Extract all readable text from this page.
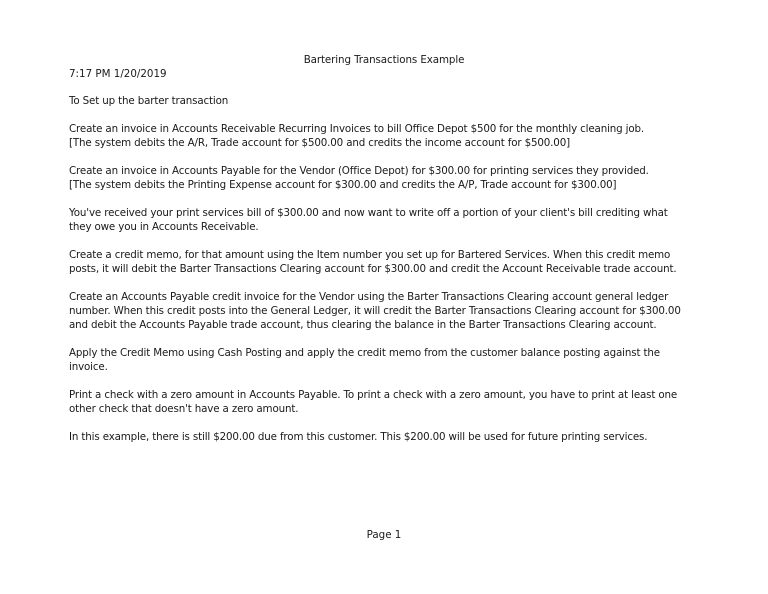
Bartering Transactions Example
7:17 PM 1/20/2019

To Set up the barter transaction

Create an invoice in Accounts Receivable Recurring Invoices to bill Office Depot $500 for the monthly cleaning job.
[The system debits the A/R, Trade account for $500.00 and credits the income account for $500.00]

Create an invoice in Accounts Payable for the Vendor (Office Depot) for $300.00 for printing services they provided.
[The system debits the Printing Expense account for $300.00 and credits the A/P, Trade account for $300.00]

You've received your print services bill of $300.00 and now want to write off a portion of your client's bill crediting what
they owe you in Accounts Receivable.

Create a credit memo, for that amount using the Item number you set up for Bartered Services. When this credit memo
posts, it will debit the Barter Transactions Clearing account for $300.00 and credit the Account Receivable trade account.

Create an Accounts Payable credit invoice for the Vendor using the Barter Transactions Clearing account general ledger
number. When this credit posts into the General Ledger, it will credit the Barter Transactions Clearing account for $300.00
and debit the Accounts Payable trade account, thus clearing the balance in the Barter Transactions Clearing account.

Apply the Credit Memo using Cash Posting and apply the credit memo from the customer balance posting against the
invoice.

Print a check with a zero amount in Accounts Payable. To print a check with a zero amount, you have to print at least one
other check that doesn't have a zero amount.

In this example, there is still $200.00 due from this customer. This $200.00 will be used for future printing services.

Page 1
